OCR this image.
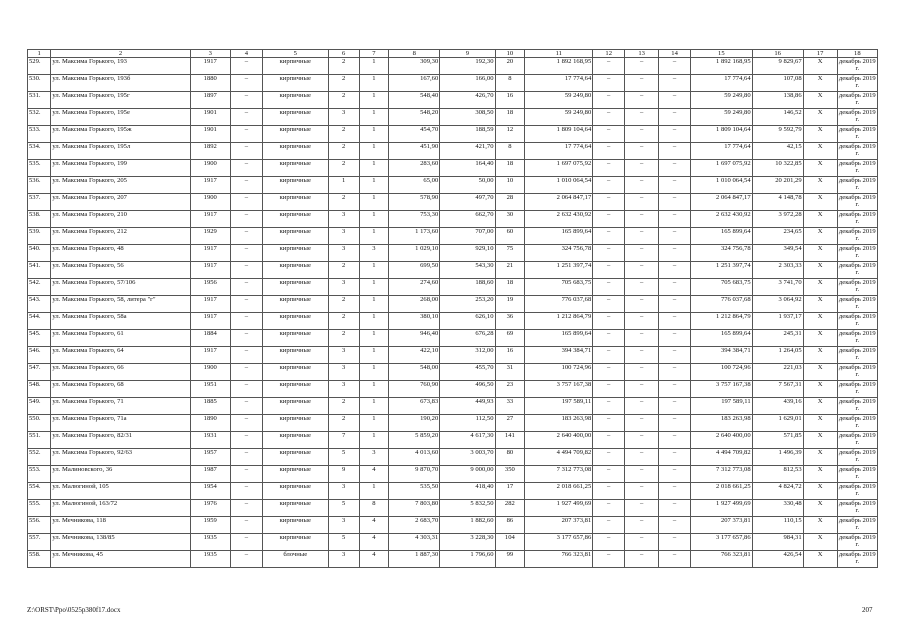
1	2	3	4	5	6	7	8	9	10	11	12	13	14	15	16	17	18
529.	ул. Максима Горького, 193	1917	–	кирпичные	2	1	309,30	192,30	20	1 892 168,95	–	–	–	1 892 168,95	9 829,67	Х	декабрь 2019 г.
530.	ул. Максима Горького, 193б	1880	–	кирпичные	2	1	167,60	166,00	8	17 774,64	–	–	–	17 774,64	107,08	Х	декабрь 2019 г.
531.	ул. Максима Горького, 195г	1897	–	кирпичные	2	1	548,40	426,70	16	59 249,80	–	–	–	59 249,80	138,86	Х	декабрь 2019 г.
532.	ул. Максима Горького, 195е	1901	–	кирпичные	3	1	548,20	308,50	18	59 249,80	–	–	–	59 249,80	146,52	Х	декабрь 2019 г.
533.	ул. Максима Горького, 195ж	1901	–	кирпичные	2	1	454,70	188,59	12	1 809 104,64	–	–	–	1 809 104,64	9 592,79	Х	декабрь 2019 г.
534.	ул. Максима Горького, 195л	1892	–	кирпичные	2	1	451,90	421,70	8	17 774,64	–	–	–	17 774,64	42,15	Х	декабрь 2019 г.
535.	ул. Максима Горького, 199	1900	–	кирпичные	2	1	283,60	164,40	18	1 697 075,92	–	–	–	1 697 075,92	10 322,85	Х	декабрь 2019 г.
536.	ул. Максима Горького, 205	1917	–	кирпичные	1	1	65,00	50,00	10	1 010 064,54	–	–	–	1 010 064,54	20 201,29	Х	декабрь 2019 г.
537.	ул. Максима Горького, 207	1900	–	кирпичные	2	1	578,90	497,70	28	2 064 847,17	–	–	–	2 064 847,17	4 148,78	Х	декабрь 2019 г.
538.	ул. Максима Горького, 210	1917	–	кирпичные	3	1	753,30	662,70	30	2 632 430,92	–	–	–	2 632 430,92	3 972,28	Х	декабрь 2019 г.
539.	ул. Максима Горького, 212	1929	–	кирпичные	3	1	1 173,60	707,00	60	165 899,64	–	–	–	165 899,64	234,65	Х	декабрь 2019 г.
540.	ул. Максима Горького, 48	1917	–	кирпичные	3	3	1 029,10	929,10	75	324 756,78	–	–	–	324 756,78	349,54	Х	декабрь 2019 г.
541.	ул. Максима Горького, 56	1917	–	кирпичные	2	1	699,50	543,30	21	1 251 397,74	–	–	–	1 251 397,74	2 303,33	Х	декабрь 2019 г.
542.	ул. Максима Горького, 57/106	1956	–	кирпичные	3	1	274,60	188,60	18	705 683,75	–	–	–	705 683,75	3 741,70	Х	декабрь 2019 г.
543.	ул. Максима Горького, 58, литера "г"	1917	–	кирпичные	2	1	268,00	253,20	19	776 037,68	–	–	–	776 037,68	3 064,92	Х	декабрь 2019 г.
544.	ул. Максима Горького, 58а	1917	–	кирпичные	2	1	380,10	626,10	36	1 212 864,79	–	–	–	1 212 864,79	1 937,17	Х	декабрь 2019 г.
545.	ул. Максима Горького, 61	1884	–	кирпичные	2	1	946,40	676,28	69	165 899,64	–	–	–	165 899,64	245,31	Х	декабрь 2019 г.
546.	ул. Максима Горького, 64	1917	–	кирпичные	3	1	422,10	312,00	16	394 384,71	–	–	–	394 384,71	1 264,05	Х	декабрь 2019 г.
547.	ул. Максима Горького, 66	1900	–	кирпичные	3	1	548,00	455,70	31	100 724,96	–	–	–	100 724,96	221,03	Х	декабрь 2019 г.
548.	ул. Максима Горького, 68	1951	–	кирпичные	3	1	760,90	496,50	23	3 757 167,38	–	–	–	3 757 167,38	7 567,31	Х	декабрь 2019 г.
549.	ул. Максима Горького, 71	1885	–	кирпичные	2	1	673,83	449,93	33	197 589,11	–	–	–	197 589,11	439,16	Х	декабрь 2019 г.
550.	ул. Максима Горького, 71а	1890	–	кирпичные	2	1	190,20	112,50	27	183 263,98	–	–	–	183 263,98	1 629,01	Х	декабрь 2019 г.
551.	ул. Максима Горького, 82/31	1931	–	кирпичные	7	1	5 859,20	4 617,30	141	2 640 400,00	–	–	–	2 640 400,00	571,85	Х	декабрь 2019 г.
552.	ул. Максима Горького, 92/63	1957	–	кирпичные	5	3	4 013,60	3 003,70	80	4 494 709,82	–	–	–	4 494 709,82	1 496,39	Х	декабрь 2019 г.
553.	ул. Малиновского, 36	1987	–	кирпичные	9	4	9 870,70	9 000,00	350	7 312 773,08	–	–	–	7 312 773,08	812,53	Х	декабрь 2019 г.
554.	ул. Малюгиной, 105	1954	–	кирпичные	3	1	535,50	418,40	17	2 018 661,25	–	–	–	2 018 661,25	4 824,72	Х	декабрь 2019 г.
555.	ул. Малюгиной, 163/72	1976	–	кирпичные	5	8	7 803,80	5 832,50	282	1 927 499,69	–	–	–	1 927 499,69	330,48	Х	декабрь 2019 г.
556.	ул. Мечникова, 118	1959	–	кирпичные	3	4	2 683,70	1 882,60	86	207 373,81	–	–	–	207 373,81	110,15	Х	декабрь 2019 г.
557.	ул. Мечникова, 138/85	1935	–	кирпичные	5	4	4 303,31	3 228,30	104	3 177 657,86	–	–	–	3 177 657,86	984,31	Х	декабрь 2019 г.
558.	ул. Мечникова, 45	1935	–	блочные	3	4	1 887,30	1 796,60	99	766 323,81	–	–	–	766 323,81	426,54	Х	декабрь 2019 г.
Z:\ORST\Ppo\0525p380f17.docx	207
